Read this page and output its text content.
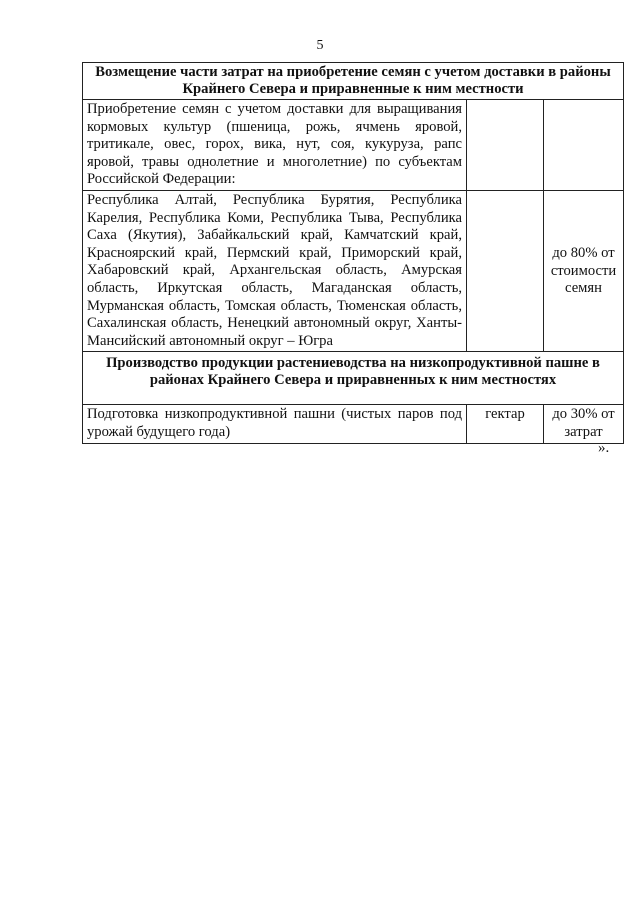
5
Возмещение части затрат на приобретение семян с учетом доставки в районы Крайнего Севера и приравненные к ним местности		
Приобретение семян с учетом доставки для выращивания кормовых культур (пшеница, рожь, ячмень яровой, тритикале, овес, горох, вика, нут, соя, кукуруза, рапс яровой, травы однолетние и многолетние) по субъектам Российской Федерации:		
Республика Алтай, Республика Бурятия, Республика Карелия, Республика Коми, Республика Тыва, Республика Саха (Якутия), Забайкальский край, Камчатский край, Красноярский край, Пермский край, Приморский край, Хабаровский край, Архангельская область, Амурская область, Иркутская область, Магаданская область, Мурманская область, Томская область, Тюменская область, Сахалинская область, Ненецкий автономный округ, Ханты-Мансийский автономный округ – Югра		до 80% от стоимости семян
Производство продукции растениеводства на низкопродуктивной пашне в районах Крайнего Севера и приравненных к ним местностях		
Подготовка низкопродуктивной пашни (чистых паров под урожай будущего года)	гектар	до 30% от затрат
».
